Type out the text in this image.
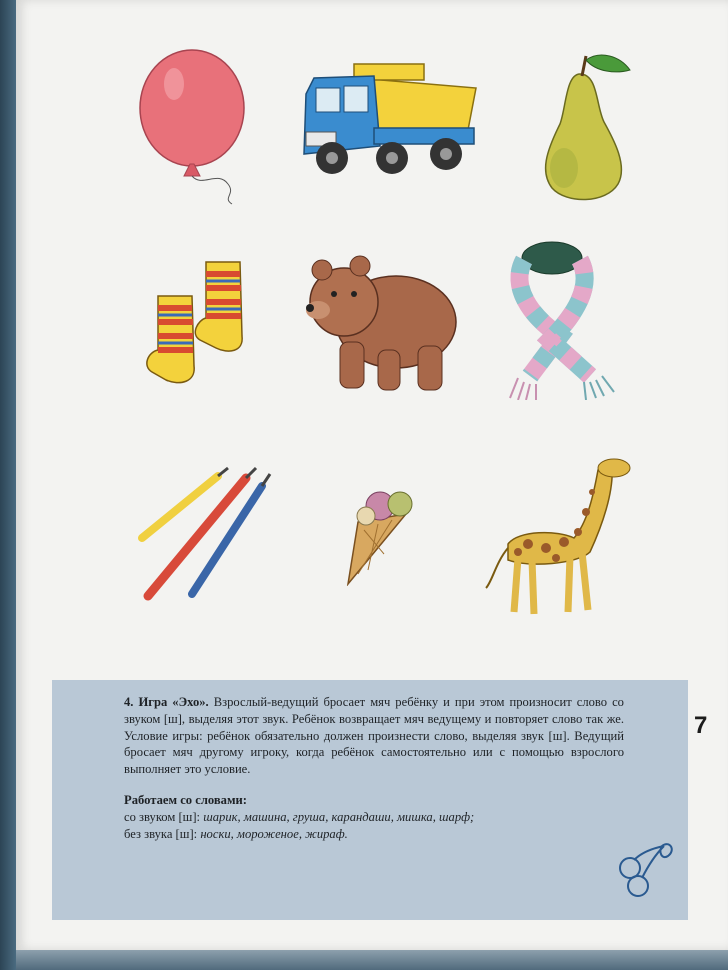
4. Игра «Эхо». Взрослый-ведущий бросает мяч ребёнку и при этом произносит слово со звуком [ш], выделяя этот звук. Ребёнок возвращает мяч ведущему и повторяет слово так же. Условие игры: ребёнок обязательно должен произнести слово, выделяя звук [ш]. Ведущий бросает мяч другому игроку, когда ребёнок самостоятельно или с помощью взрослого выполняет это условие.

Работаем со словами:

со звуком [ш]: шарик, машина, груша, карандаши, мишка, шарф;

без звука [ш]: носки, мороженое, жираф.

7
